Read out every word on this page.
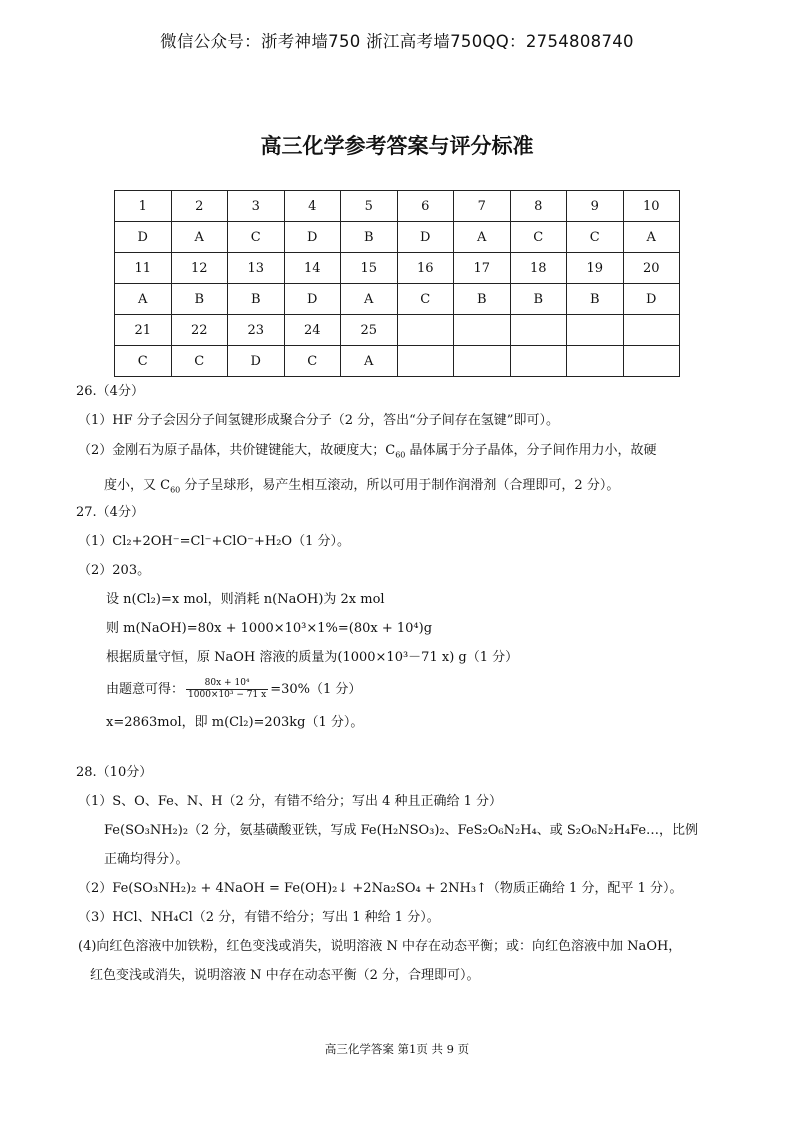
微信公众号：浙考神墙750 浙江高考墙750QQ：2754808740
高三化学参考答案与评分标准
1	2	3	4	5	6	7	8	9	10
D	A	C	D	B	D	A	C	C	A
11	12	13	14	15	16	17	18	19	20
A	B	B	D	A	C	B	B	B	D
21	22	23	24	25					
C	C	D	C	A					
26.（4分）
（1）HF 分子会因分子间氢键形成聚合分子（2 分，答出“分子间存在氢键”即可）。
（2）金刚石为原子晶体，共价键键能大，故硬度大；$C_{60}$ 晶体属于分子晶体，分子间作用力小，故硬
度小，又 $C_{60}$ 分子呈球形，易产生相互滚动，所以可用于制作润滑剂（合理即可，2 分）。
27.（4分）
（1）Cl₂+2OH⁻=Cl⁻+ClO⁻+H₂O（1 分）。
（2）203。
设 n(Cl₂)=x mol，则消耗 n(NaOH)为 2x mol
则 m(NaOH)=80x + 1000×10³×1%=(80x + 10⁴)g
根据质量守恒，原 NaOH 溶液的质量为(1000×10³－71 x) g（1 分）
由题意可得： $\frac{\text{80x + 10⁴}}{\text{1000×10³ − 71 x}} =30\%(1$ 分）
x=2863mol，即 m(Cl₂)=203kg（1 分）。
28.（10分）
（1）S、O、Fe、N、H（2 分，有错不给分；写出 4 种且正确给 1 分）
Fe(SO₃NH₂)₂（2 分，氨基磺酸亚铁，写成 Fe(H₂NSO₃)₂、FeS₂O₆N₂H₄、或 S₂O₆N₂H₄Fe…，比例
正确均得分）。
（2）Fe(SO₃NH₂)₂ + 4NaOH = Fe(OH)₂↓ +2Na₂SO₄ + 2NH₃↑（物质正确给 1 分，配平 1 分）。
（3）HCl、NH₄Cl（2 分，有错不给分；写出 1 种给 1 分）。
(4)向红色溶液中加铁粉，红色变浅或消失，说明溶液 N 中存在动态平衡；或：向红色溶液中加 NaOH，
红色变浅或消失，说明溶液 N 中存在动态平衡（2 分，合理即可）。
高三化学答案 第1页 共 9 页
